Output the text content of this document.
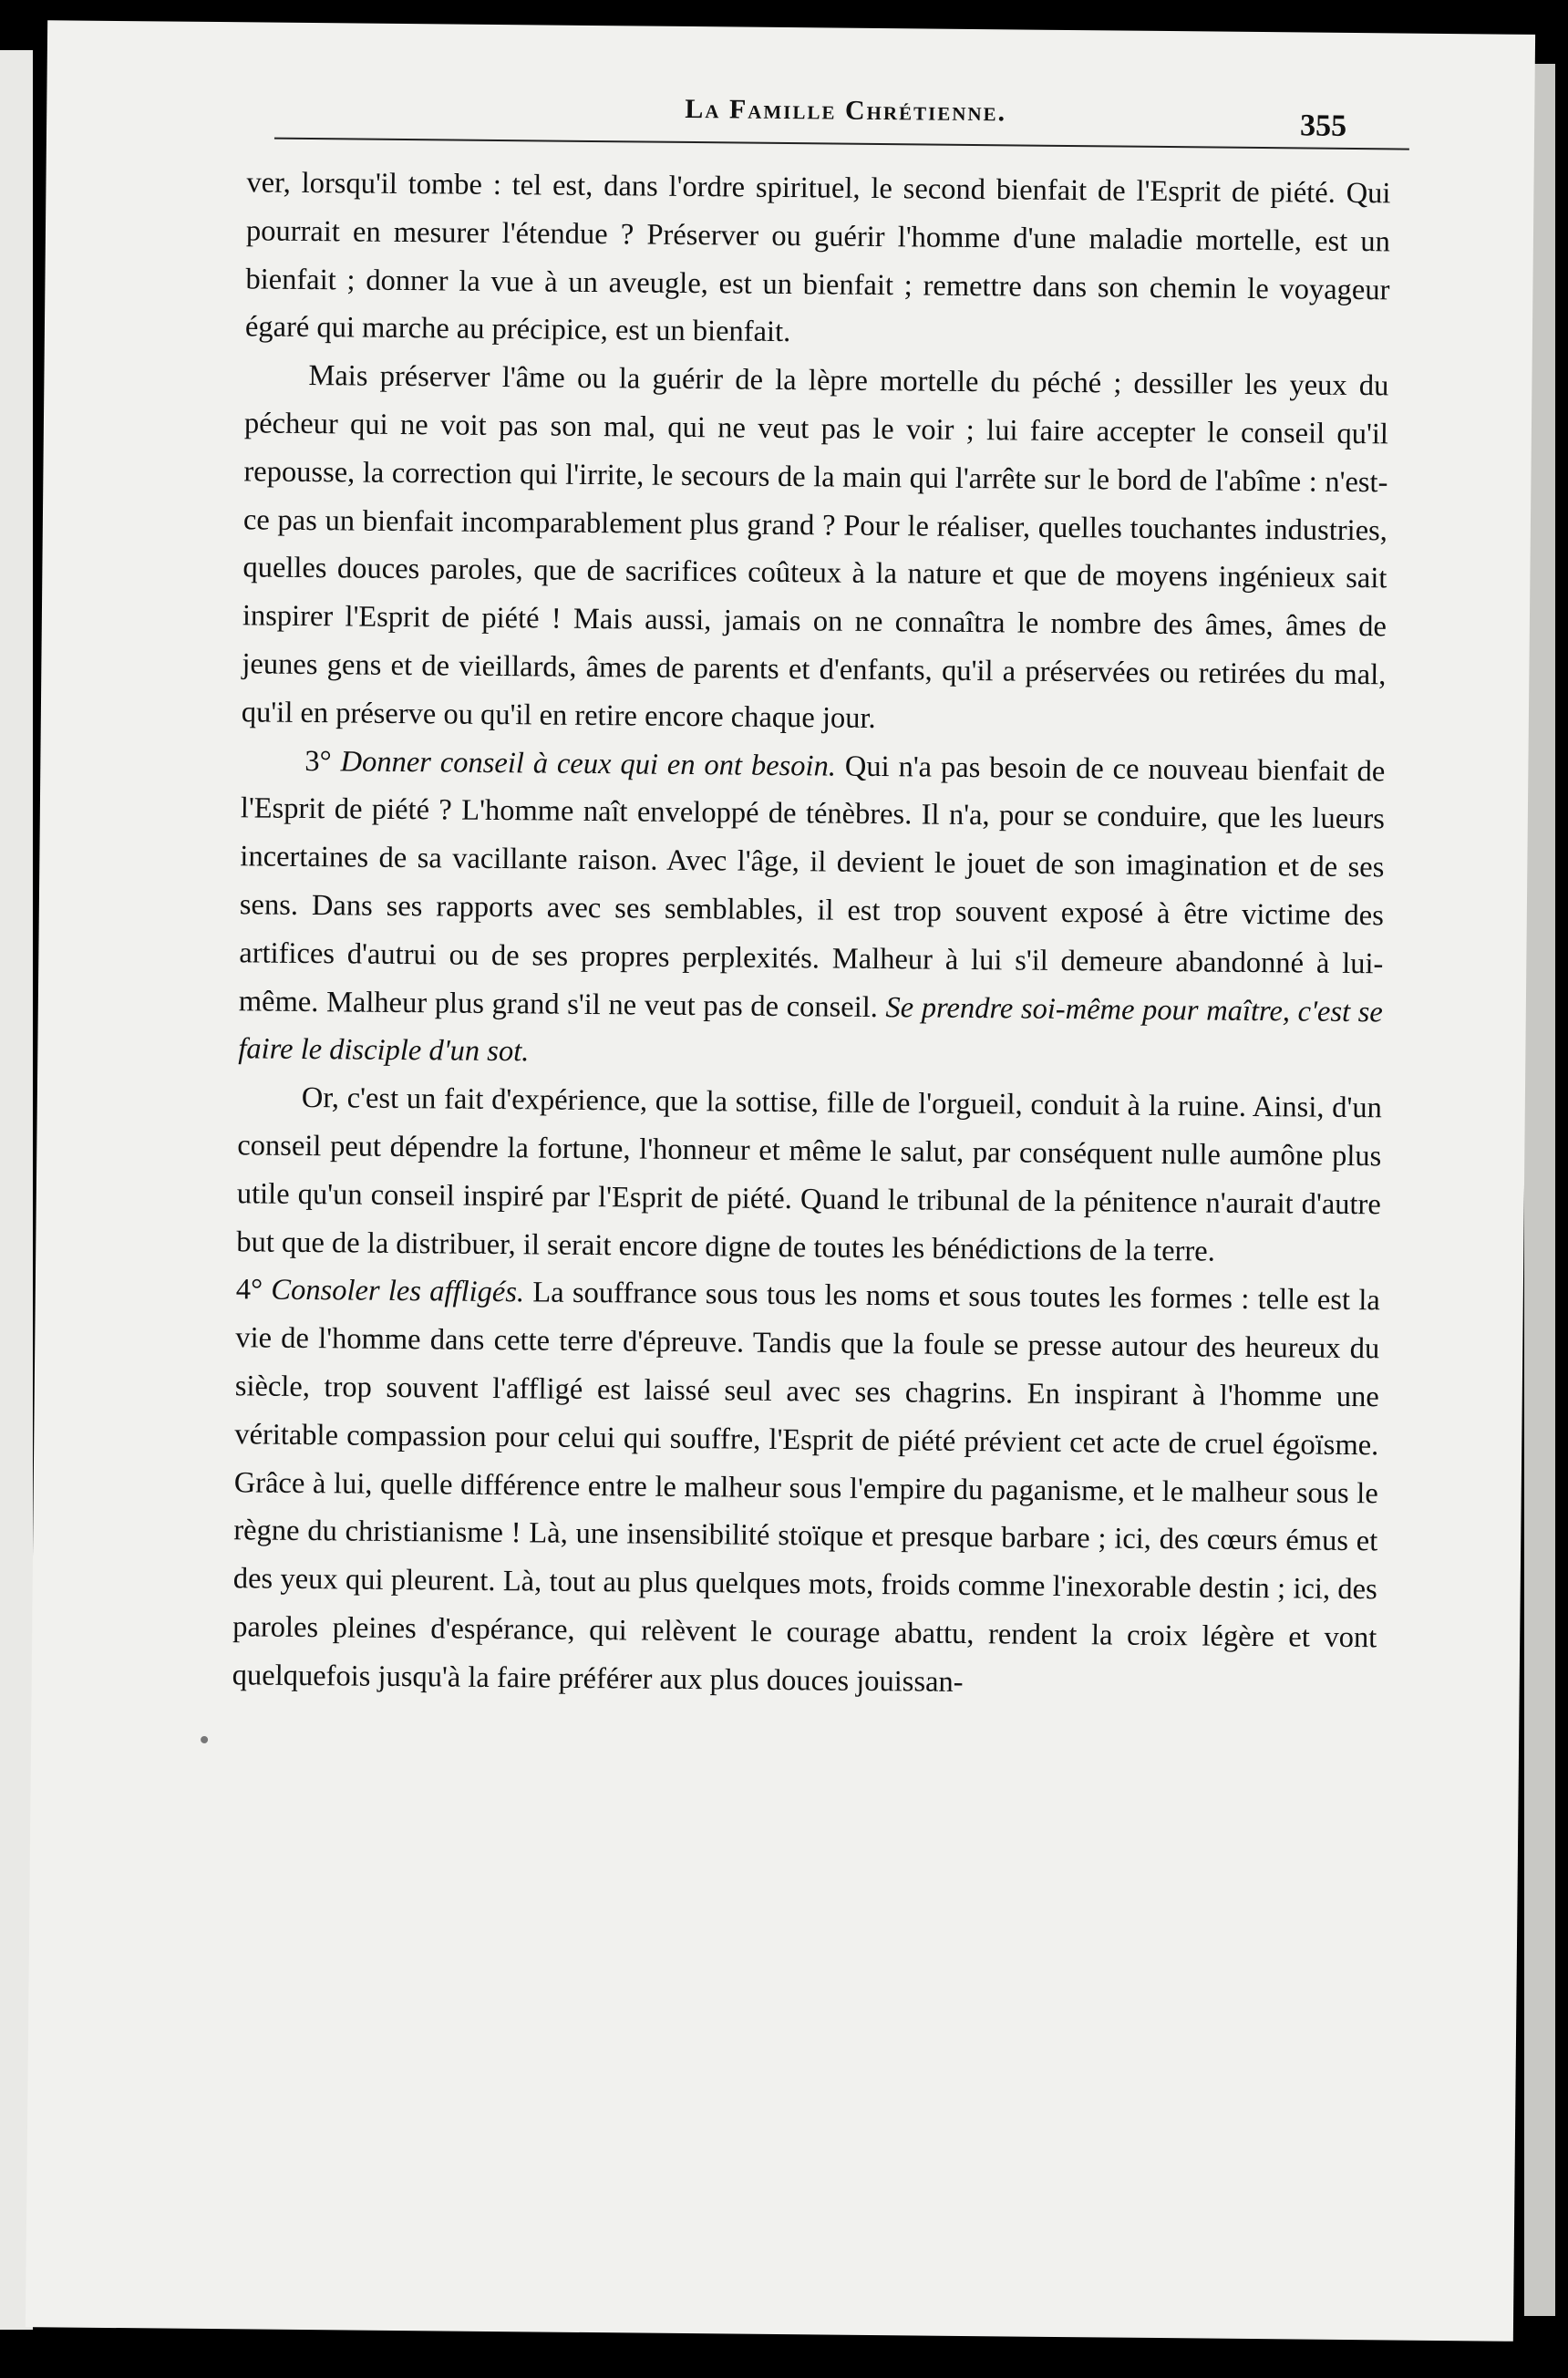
La Famille Chrétienne.	355

ver, lorsqu'il tombe : tel est, dans l'ordre spirituel, le second bienfait de l'Esprit de piété. Qui pourrait en mesurer l'étendue ? Préserver ou guérir l'homme d'une maladie mortelle, est un bienfait ; donner la vue à un aveugle, est un bienfait ; remettre dans son chemin le voyageur égaré qui marche au précipice, est un bienfait.

Mais préserver l'âme ou la guérir de la lèpre mortelle du péché ; dessiller les yeux du pécheur qui ne voit pas son mal, qui ne veut pas le voir ; lui faire accepter le conseil qu'il repousse, la correction qui l'irrite, le secours de la main qui l'arrête sur le bord de l'abîme : n'est-ce pas un bienfait incomparablement plus grand ? Pour le réaliser, quelles touchantes industries, quelles douces paroles, que de sacrifices coûteux à la nature et que de moyens ingénieux sait inspirer l'Esprit de piété ! Mais aussi, jamais on ne connaîtra le nombre des âmes, âmes de jeunes gens et de vieillards, âmes de parents et d'enfants, qu'il a préservées ou retirées du mal, qu'il en préserve ou qu'il en retire encore chaque jour.

3° Donner conseil à ceux qui en ont besoin. Qui n'a pas besoin de ce nouveau bienfait de l'Esprit de piété ? L'homme naît enveloppé de ténèbres. Il n'a, pour se conduire, que les lueurs incertaines de sa vacillante raison. Avec l'âge, il devient le jouet de son imagination et de ses sens. Dans ses rapports avec ses semblables, il est trop souvent exposé à être victime des artifices d'autrui ou de ses propres perplexités. Malheur à lui s'il demeure abandonné à lui-même. Malheur plus grand s'il ne veut pas de conseil. Se prendre soi-même pour maître, c'est se faire le disciple d'un sot.

Or, c'est un fait d'expérience, que la sottise, fille de l'orgueil, conduit à la ruine. Ainsi, d'un conseil peut dépendre la fortune, l'honneur et même le salut, par conséquent nulle aumône plus utile qu'un conseil inspiré par l'Esprit de piété. Quand le tribunal de la pénitence n'aurait d'autre but que de la distribuer, il serait encore digne de toutes les bénédictions de la terre.

4° Consoler les affligés. La souffrance sous tous les noms et sous toutes les formes : telle est la vie de l'homme dans cette terre d'épreuve. Tandis que la foule se presse autour des heureux du siècle, trop souvent l'affligé est laissé seul avec ses chagrins. En inspirant à l'homme une véritable compassion pour celui qui souffre, l'Esprit de piété prévient cet acte de cruel égoïsme. Grâce à lui, quelle différence entre le malheur sous l'empire du paganisme, et le malheur sous le règne du christianisme ! Là, une insensibilité stoïque et presque barbare ; ici, des cœurs émus et des yeux qui pleurent. Là, tout au plus quelques mots, froids comme l'inexorable destin ; ici, des paroles pleines d'espérance, qui relèvent le courage abattu, rendent la croix légère et vont quelquefois jusqu'à la faire préférer aux plus douces jouissan-
